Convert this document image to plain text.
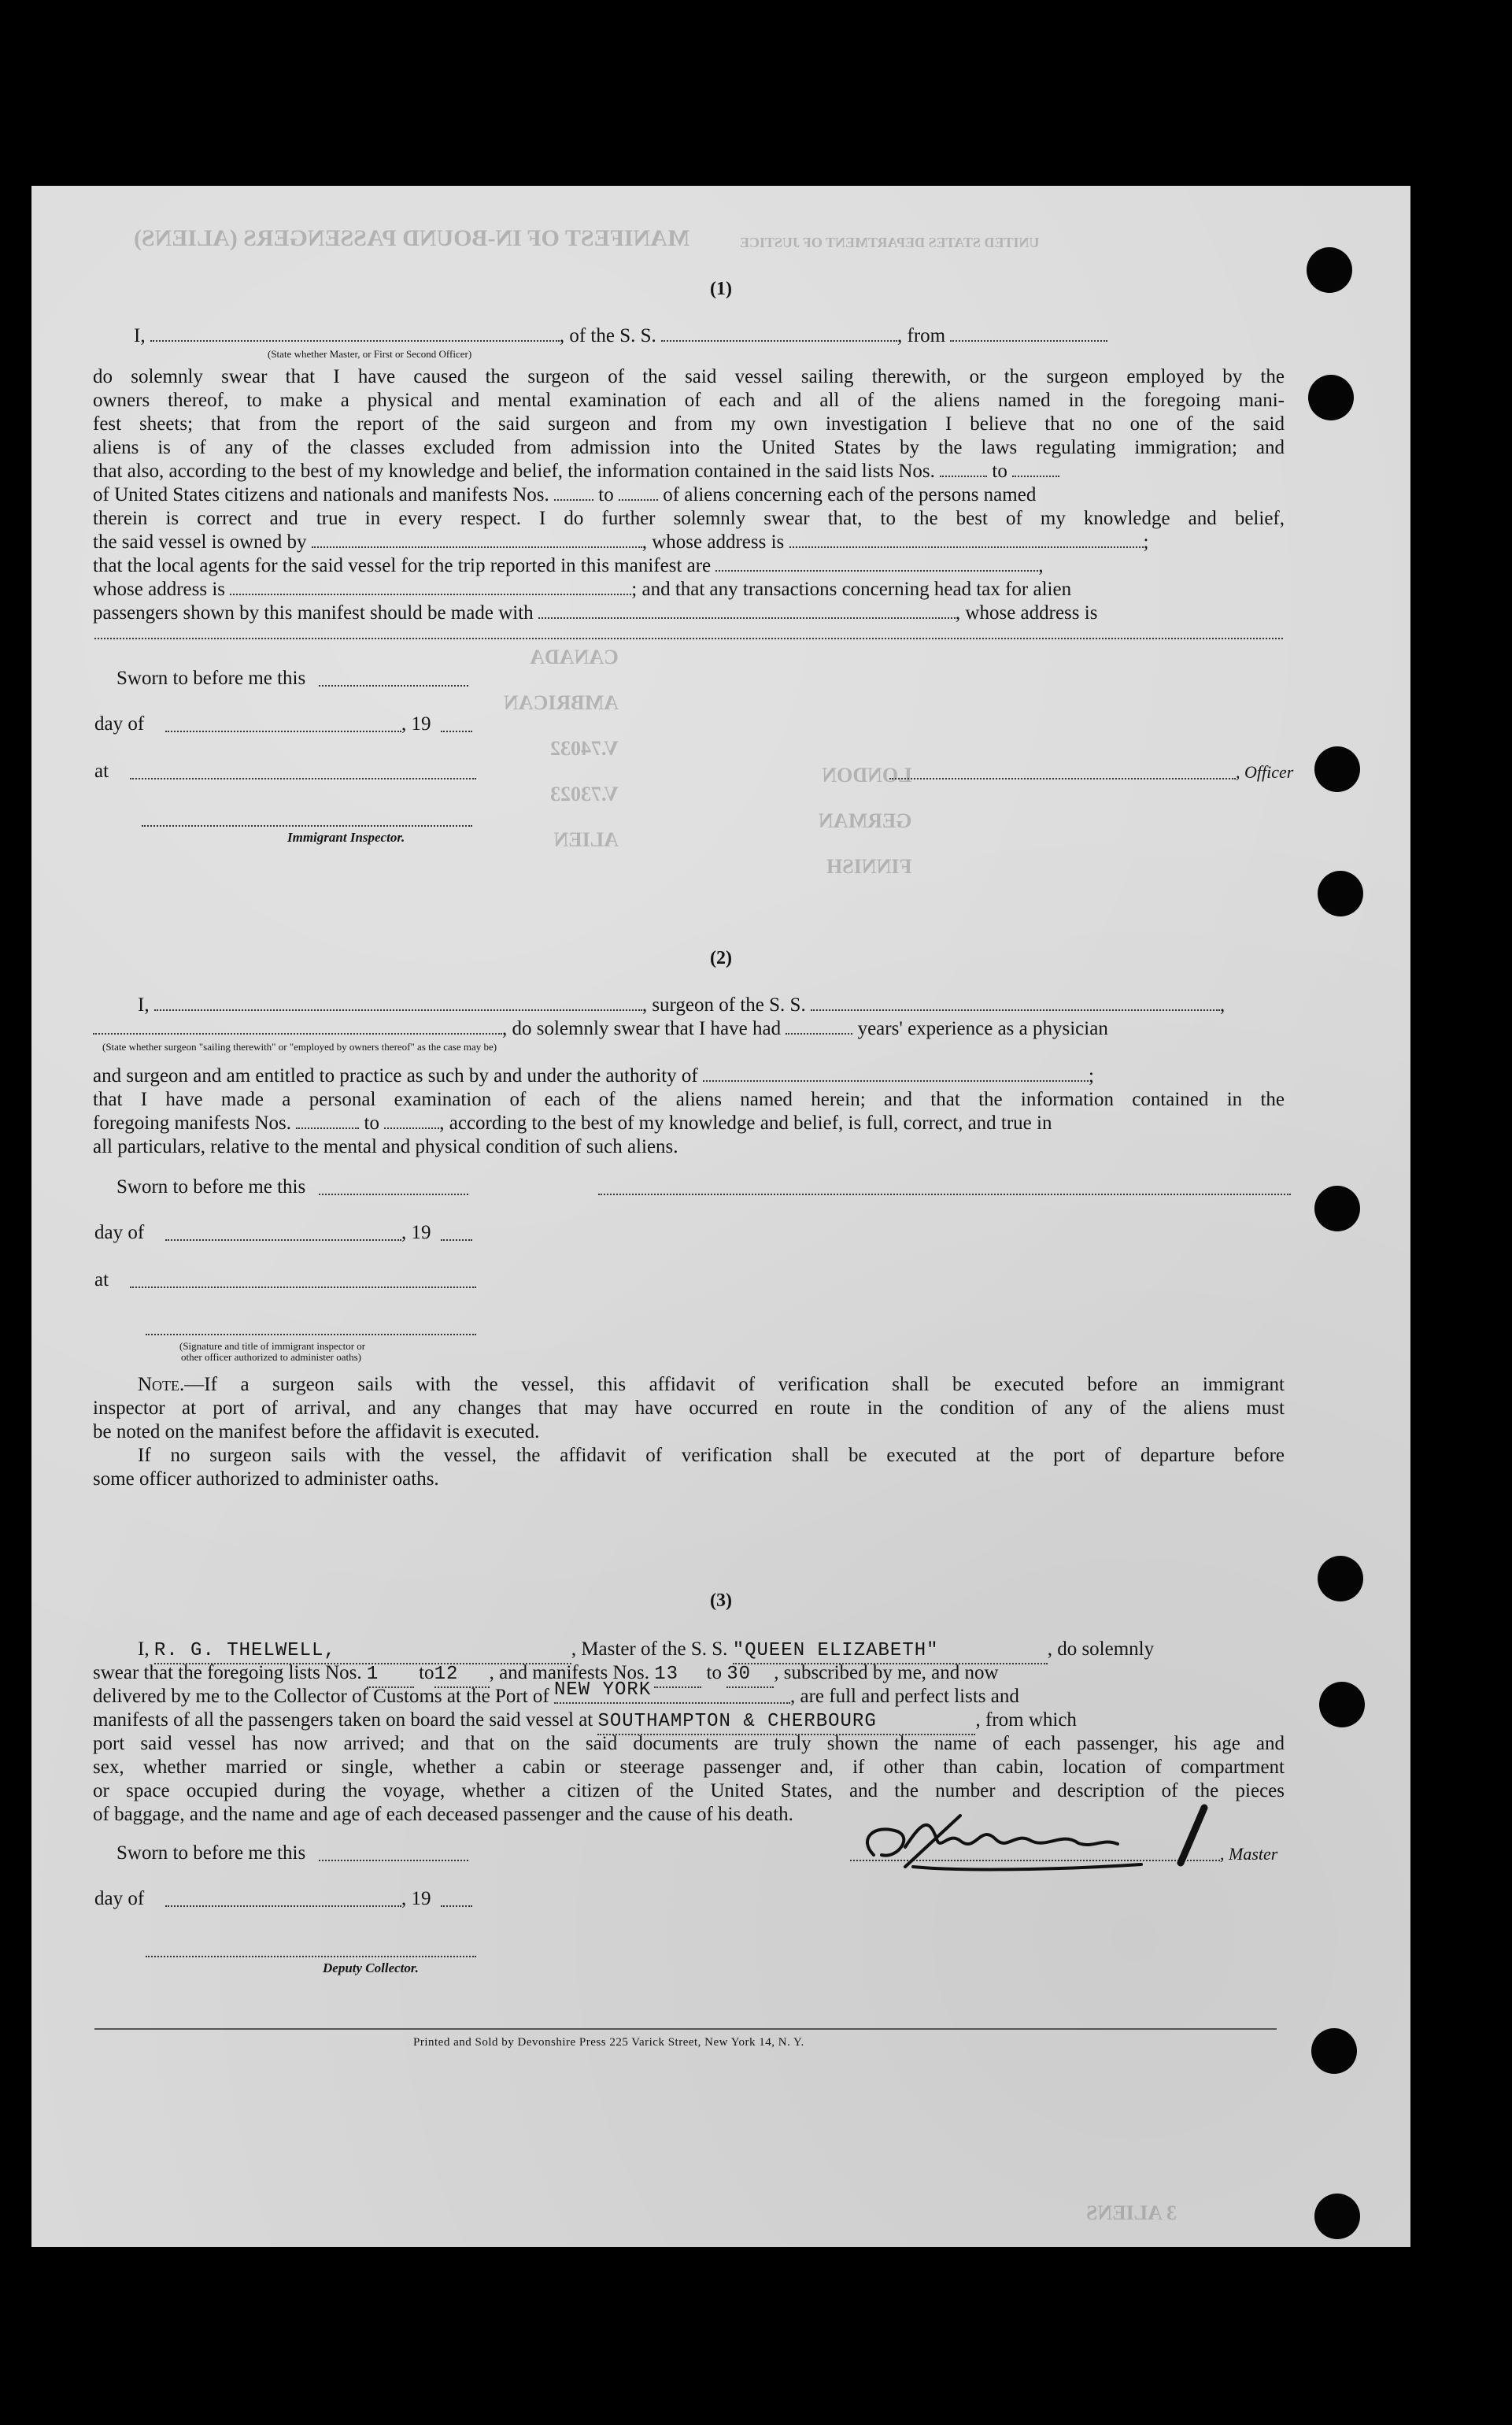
MANIFEST OF IN-BOUND PASSENGERS (ALIENS)	UNITED STATES DEPARTMENT OF JUSTICE
CANADA
AMBRICAN
V.74032
V.73023
ALIEN
LONDON
GERMAN
FINNISH
(1)
I,	, of the S. S.	, from
(State whether Master, or First or Second Officer)
do solemnly swear that I have caused the surgeon of the said vessel sailing therewith, or the surgeon employed by the
owners thereof, to make a physical and mental examination of each and all of the aliens named in the foregoing mani-
fest sheets; that from the report of the said surgeon and from my own investigation I believe that no one of the said
aliens is of any of the classes excluded from admission into the United States by the laws regulating immigration; and
that also, according to the best of my knowledge and belief, the information contained in the said lists Nos.	to
of United States citizens and nationals and manifests Nos.	to	of aliens concerning each of the persons named
therein is correct and true in every respect. I do further solemnly swear that, to the best of my knowledge and belief,
the said vessel is owned by	, whose address is	;
that the local agents for the said vessel for the trip reported in this manifest are	,
whose address is	; and that any transactions concerning head tax for alien
passengers shown by this manifest should be made with	, whose address is
Sworn to before me this
day of	, 19
at	, Officer
Immigrant Inspector.
(2)
I,	, surgeon of the S. S.	,
, do solemnly swear that I have had	years' experience as a physician
(State whether surgeon "sailing therewith" or "employed by owners thereof" as the case may be)
and surgeon and am entitled to practice as such by and under the authority of	;
that I have made a personal examination of each of the aliens named herein; and that the information contained in the
foregoing manifests Nos.	to	, according to the best of my knowledge and belief, is full, correct, and true in
all particulars, relative to the mental and physical condition of such aliens.
Sworn to before me this
day of	, 19
at
(Signature and title of immigrant inspector or
other officer authorized to administer oaths)
Note.—If a surgeon sails with the vessel, this affidavit of verification shall be executed before an immigrant
inspector at port of arrival, and any changes that may have occurred en route in the condition of any of the aliens must
be noted on the manifest before the affidavit is executed.
If no surgeon sails with the vessel, the affidavit of verification shall be executed at the port of departure before
some officer authorized to administer oaths.
(3)
I, R. G. THELWELL,	, Master of the S. S. "QUEEN ELIZABETH"	, do solemnly
swear that the foregoing lists Nos. 1 to12 , and manifests Nos. 13 to 30 , subscribed by me, and now
delivered by me to the Collector of Customs at the Port of NEW YORK	, are full and perfect lists and
manifests of all the passengers taken on board the said vessel at SOUTHAMPTON & CHERBOURG	, from which
port said vessel has now arrived; and that on the said documents are truly shown the name of each passenger, his age and
sex, whether married or single, whether a cabin or steerage passenger and, if other than cabin, location of compartment
or space occupied during the voyage, whether a citizen of the United States, and the number and description of the pieces
of baggage, and the name and age of each deceased passenger and the cause of his death.
Sworn to before me this	, Master
day of	, 19
Deputy Collector.
Printed and Sold by Devonshire Press 225 Varick Street, New York 14, N. Y.
3 ALIENS
